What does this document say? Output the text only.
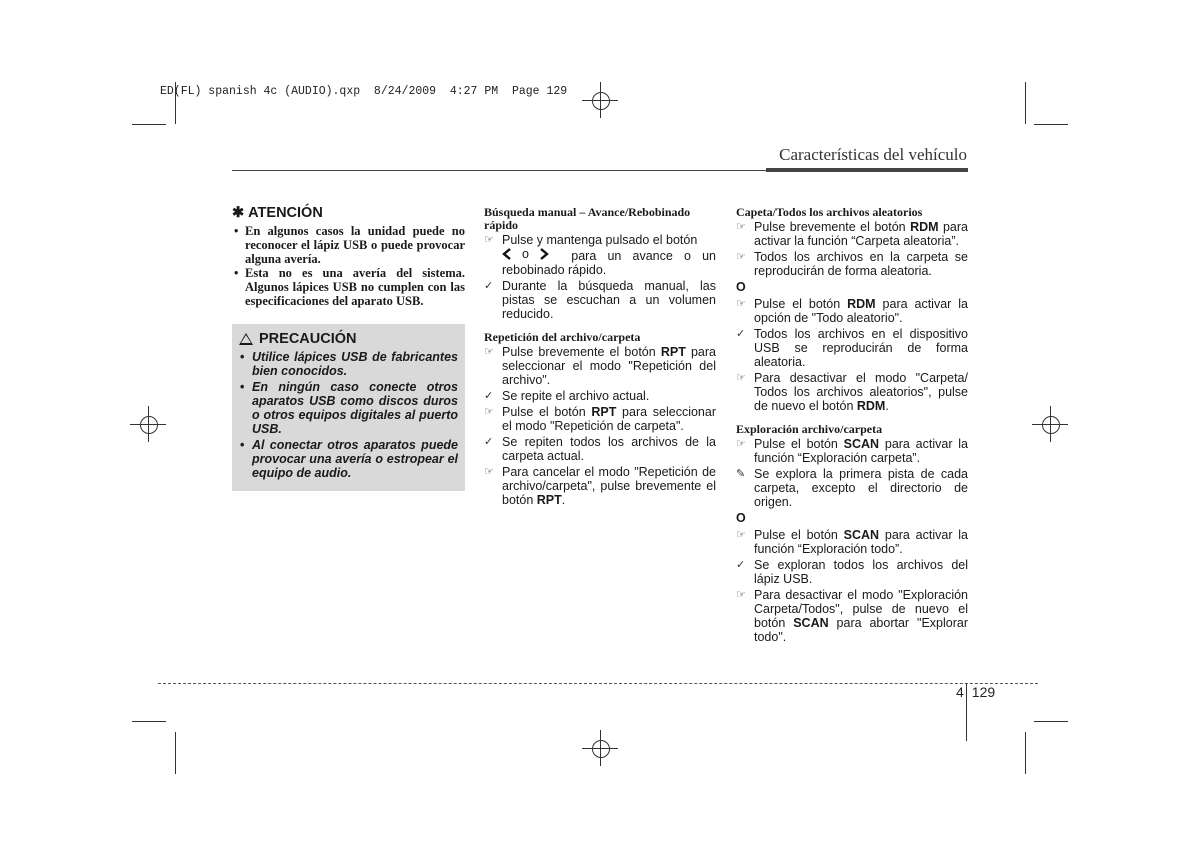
ED(FL) spanish 4c (AUDIO).qxp  8/24/2009  4:27 PM  Page 129
Características del vehículo
✱ ATENCIÓN
• En algunos casos la unidad puede no reconocer el lápiz USB o puede provocar alguna avería.
• Esta no es una avería del sistema. Algunos lápices USB no cumplen con las especificaciones del aparato USB.
PRECAUCIÓN
• Utilice lápices USB de fabricantes bien conocidos.
• En ningún caso conecte otros aparatos USB como discos duros o otros equipos digitales al puerto USB.
• Al conectar otros aparatos puede provocar una avería o estropear el equipo de audio.
Búsqueda manual – Avance/Rebobinado rápido
☞ Pulse y mantenga pulsado el botón
o para un avance o un
rebobinado rápido.
✓ Durante la búsqueda manual, las pistas se escuchan a un volumen reducido.
Repetición del archivo/carpeta
☞ Pulse brevemente el botón RPT para seleccionar el modo "Repetición del archivo".
✓ Se repite el archivo actual.
☞ Pulse el botón RPT para seleccionar el modo "Repetición de carpeta".
✓ Se repiten todos los archivos de la carpeta actual.
☞ Para cancelar el modo "Repetición de archivo/carpeta", pulse brevemente el botón RPT.
Capeta/Todos los archivos aleatorios
☞ Pulse brevemente el botón RDM para activar la función “Carpeta aleatoria”.
☞ Todos los archivos en la carpeta se reproducirán de forma aleatoria.
O
☞ Pulse el botón RDM para activar la opción de "Todo aleatorio".
✓ Todos los archivos en el dispositivo USB se reproducirán de forma aleatoria.
☞ Para desactivar el modo "Carpeta/ Todos los archivos aleatorios", pulse de nuevo el botón RDM.
Exploración archivo/carpeta
☞ Pulse el botón SCAN para activar la función “Exploración carpeta”.
✎ Se explora la primera pista de cada carpeta, excepto el directorio de origen.
O
☞ Pulse el botón SCAN para activar la función “Exploración todo”.
✓ Se exploran todos los archivos del lápiz USB.
☞ Para desactivar el modo "Exploración Carpeta/Todos", pulse de nuevo el botón SCAN para abortar "Explorar todo".
4 129
